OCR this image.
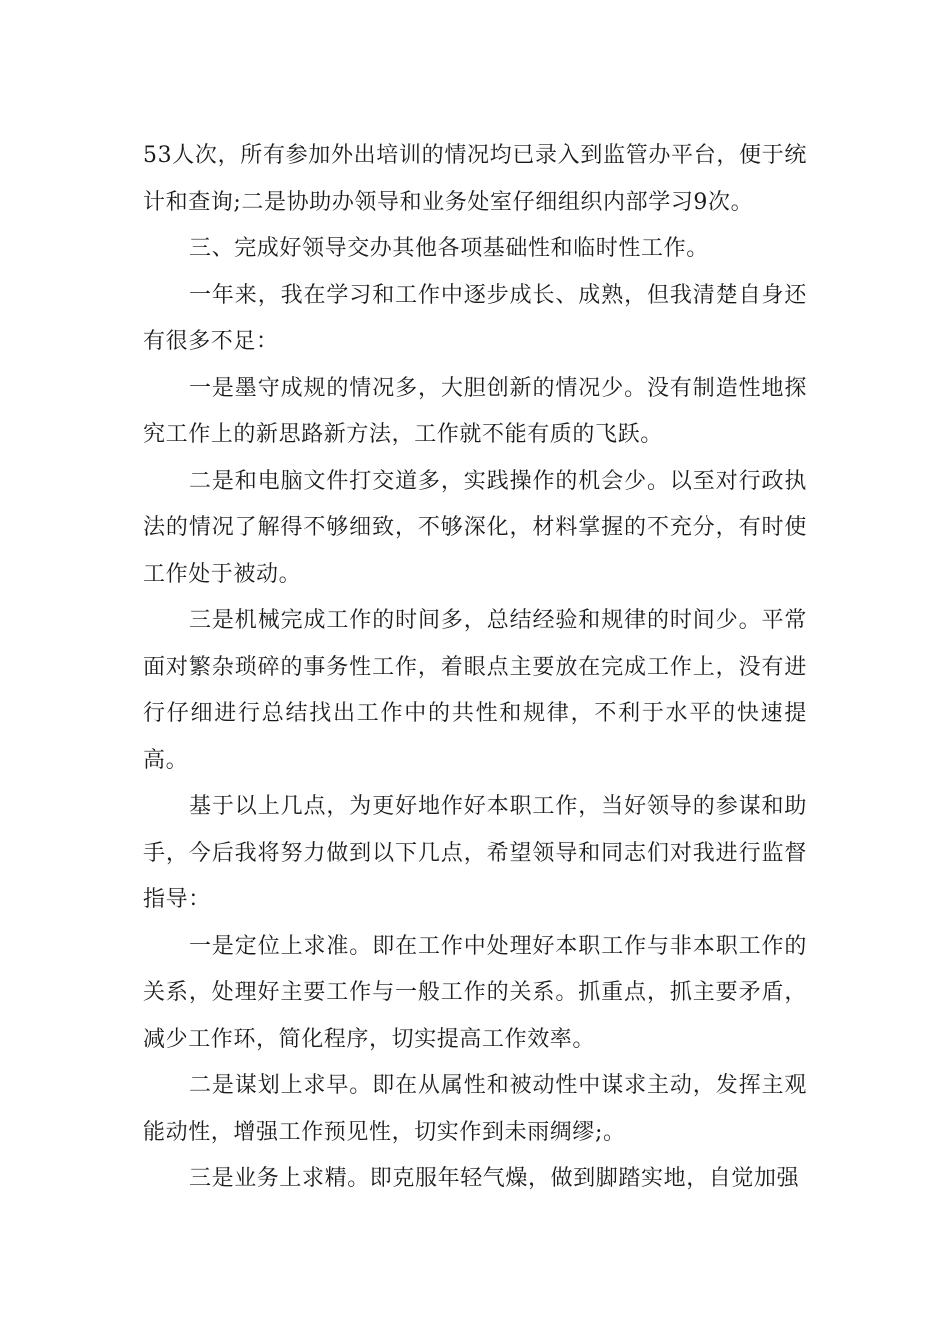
53人次，所有参加外出培训的情况均已录入到监管办平台，便于统计和查询;二是协助办领导和业务处室仔细组织内部学习9次。

三、完成好领导交办其他各项基础性和临时性工作。

一年来，我在学习和工作中逐步成长、成熟，但我清楚自身还有很多不足：

一是墨守成规的情况多，大胆创新的情况少。没有制造性地探究工作上的新思路新方法，工作就不能有质的飞跃。

二是和电脑文件打交道多，实践操作的机会少。以至对行政执法的情况了解得不够细致，不够深化，材料掌握的不充分，有时使工作处于被动。

三是机械完成工作的时间多，总结经验和规律的时间少。平常面对繁杂琐碎的事务性工作，着眼点主要放在完成工作上，没有进行仔细进行总结找出工作中的共性和规律，不利于水平的快速提高。

基于以上几点，为更好地作好本职工作，当好领导的参谋和助手，今后我将努力做到以下几点，希望领导和同志们对我进行监督指导：

一是定位上求准。即在工作中处理好本职工作与非本职工作的关系，处理好主要工作与一般工作的关系。抓重点，抓主要矛盾，减少工作环，简化程序，切实提高工作效率。

二是谋划上求早。即在从属性和被动性中谋求主动，发挥主观能动性，增强工作预见性，切实作到未雨绸缪;。

三是业务上求精。即克服年轻气燥，做到脚踏实地，自觉加强
